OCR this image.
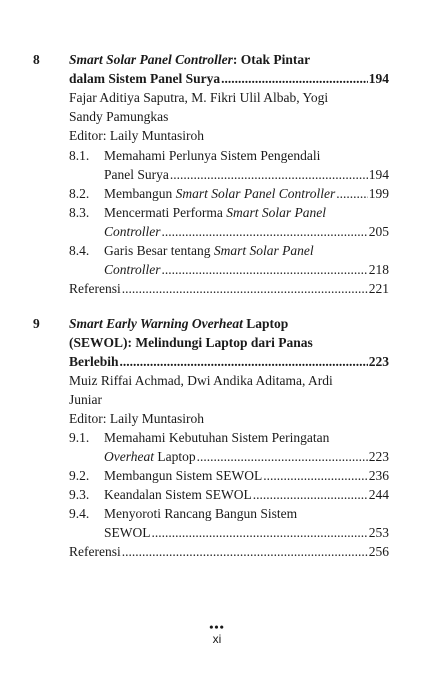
8 Smart Solar Panel Controller: Otak Pintar
dalam Sistem Panel Surya .....	194
Fajar Aditiya Saputra, M. Fikri Ulil Albab, Yogi
Sandy Pamungkas
Editor: Laily Muntasiroh
8.1. Memahami Perlunya Sistem Pengendali
Panel Surya .....	194
8.2. Membangun Smart Solar Panel Controller ..... 199
8.3. Mencermati Performa Smart Solar Panel
Controller .....	205
8.4. Garis Besar tentang Smart Solar Panel
Controller .....	218
Referensi .....	221
9 Smart Early Warning Overheat Laptop
(SEWOL): Melindungi Laptop dari Panas
Berlebih .....	223
Muiz Riffai Achmad, Dwi Andika Aditama, Ardi
Juniar
Editor: Laily Muntasiroh
9.1. Memahami Kebutuhan Sistem Peringatan
Overheat Laptop .....	223
9.2. Membangun Sistem SEWOL .....	236
9.3. Keandalan Sistem SEWOL .....	244
9.4. Menyoroti Rancang Bangun Sistem
SEWOL .....	253
Referensi .....	256
•••
xi
